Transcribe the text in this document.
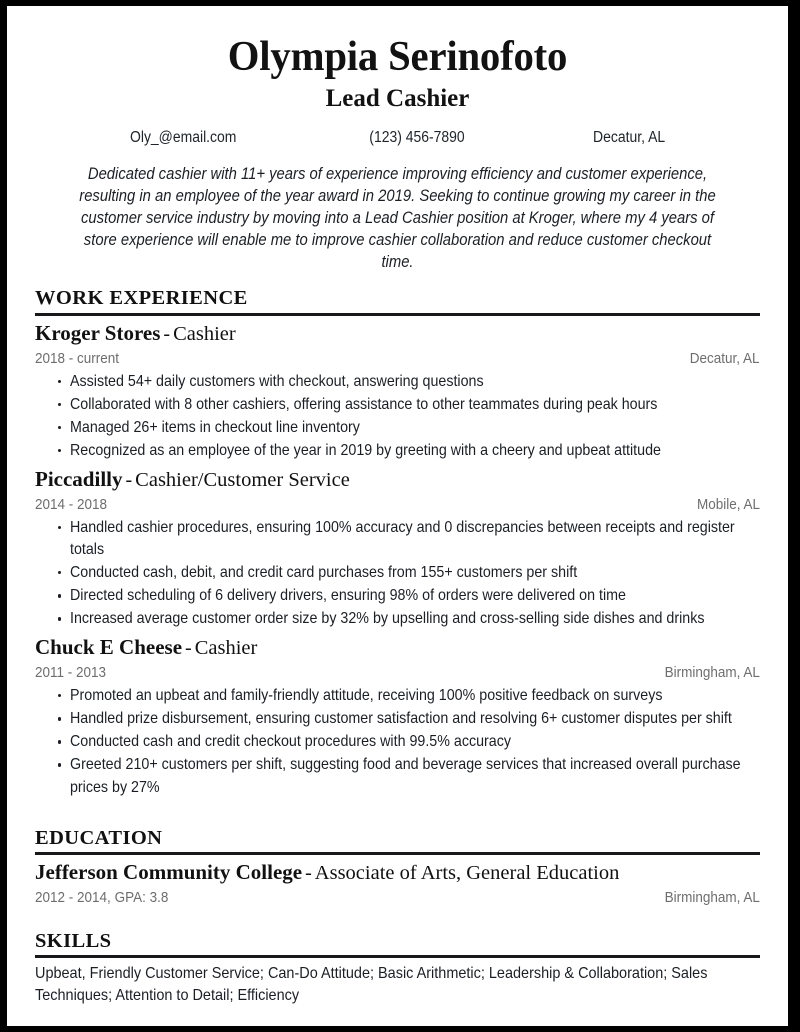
Olympia Serinofoto
Lead Cashier
Oly_@email.com	(123) 456-7890	Decatur, AL
Dedicated cashier with 11+ years of experience improving efficiency and customer experience, resulting in an employee of the year award in 2019. Seeking to continue growing my career in the customer service industry by moving into a Lead Cashier position at Kroger, where my 4 years of store experience will enable me to improve cashier collaboration and reduce customer checkout time.
WORK EXPERIENCE
Kroger Stores - Cashier
2018 - current	Decatur, AL
Assisted 54+ daily customers with checkout, answering questions
Collaborated with 8 other cashiers, offering assistance to other teammates during peak hours
Managed 26+ items in checkout line inventory
Recognized as an employee of the year in 2019 by greeting with a cheery and upbeat attitude
Piccadilly - Cashier/Customer Service
2014 - 2018	Mobile, AL
Handled cashier procedures, ensuring 100% accuracy and 0 discrepancies between receipts and register totals
Conducted cash, debit, and credit card purchases from 155+ customers per shift
Directed scheduling of 6 delivery drivers, ensuring 98% of orders were delivered on time
Increased average customer order size by 32% by upselling and cross-selling side dishes and drinks
Chuck E Cheese - Cashier
2011 - 2013	Birmingham, AL
Promoted an upbeat and family-friendly attitude, receiving 100% positive feedback on surveys
Handled prize disbursement, ensuring customer satisfaction and resolving 6+ customer disputes per shift
Conducted cash and credit checkout procedures with 99.5% accuracy
Greeted 210+ customers per shift, suggesting food and beverage services that increased overall purchase prices by 27%
EDUCATION
Jefferson Community College - Associate of Arts, General Education
2012 - 2014, GPA: 3.8	Birmingham, AL
SKILLS
Upbeat, Friendly Customer Service; Can-Do Attitude; Basic Arithmetic; Leadership & Collaboration; Sales Techniques; Attention to Detail; Efficiency
